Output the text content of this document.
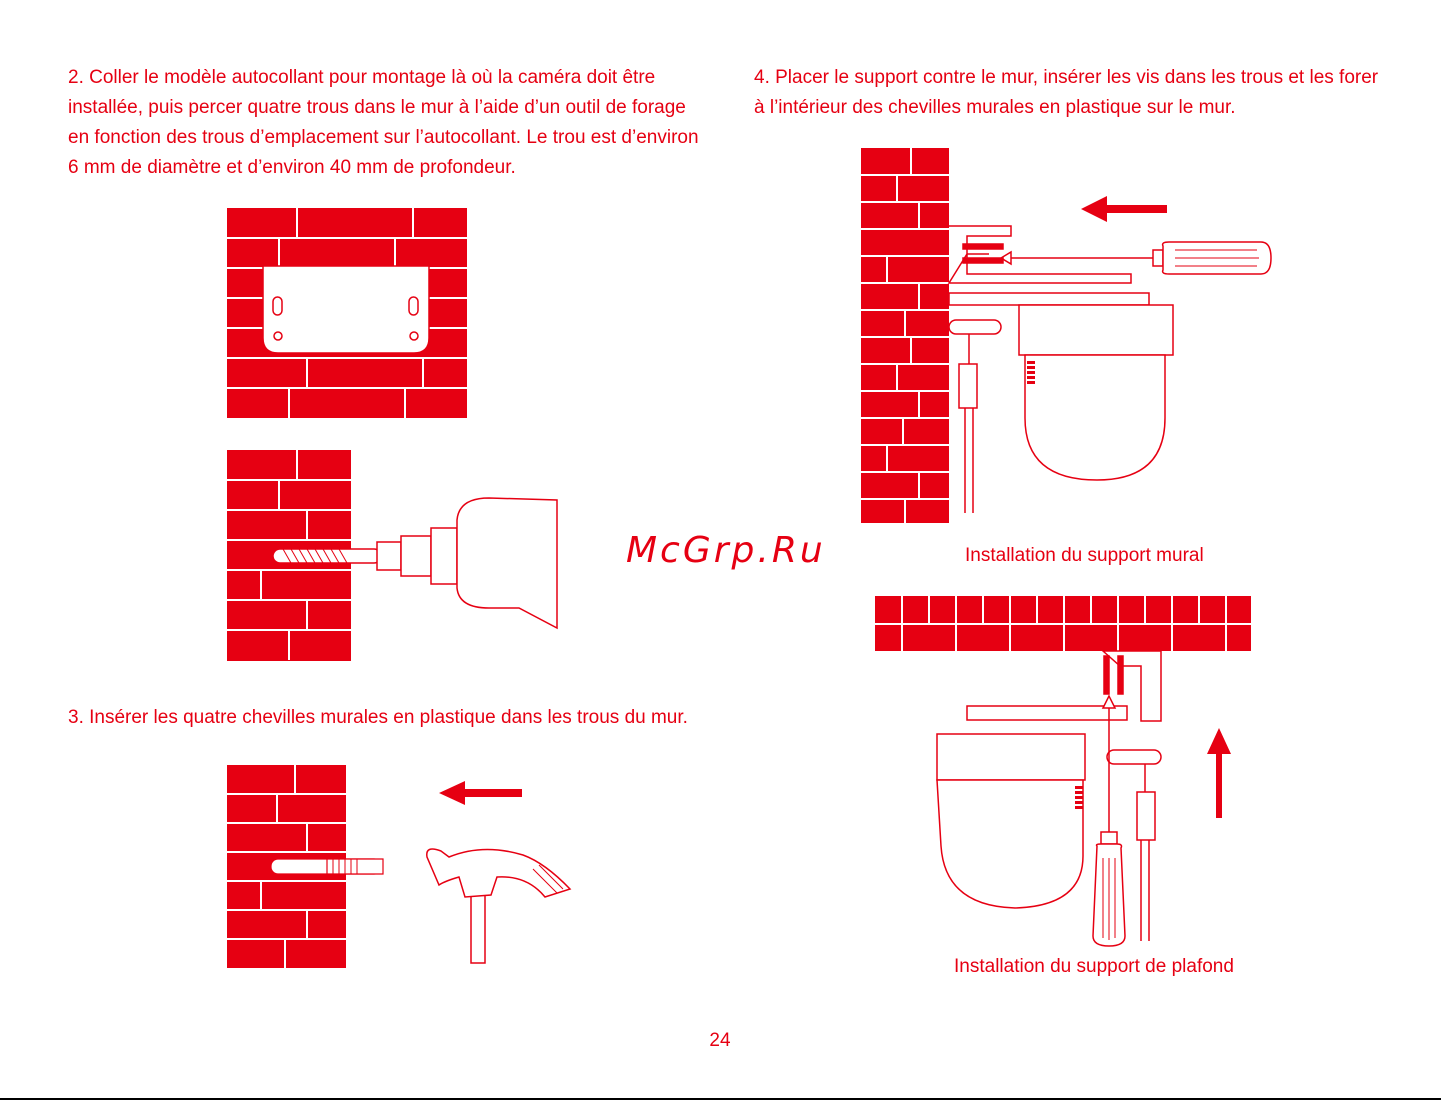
2. Coller le modèle autocollant pour montage là où la caméra doit être installée, puis percer quatre trous dans le mur à l’aide d’un outil de forage en fonction des trous d’emplacement sur l’autocollant. Le trou est d’environ 6 mm de diamètre et d’environ 40 mm de profondeur.

3. Insérer les quatre chevilles murales en plastique dans les trous du mur.

4. Placer le support contre le mur, insérer les vis dans les trous et les forer à l’intérieur des chevilles murales en plastique sur le mur.

Installation du support mural
Installation du support de plafond
McGrp.Ru
24
